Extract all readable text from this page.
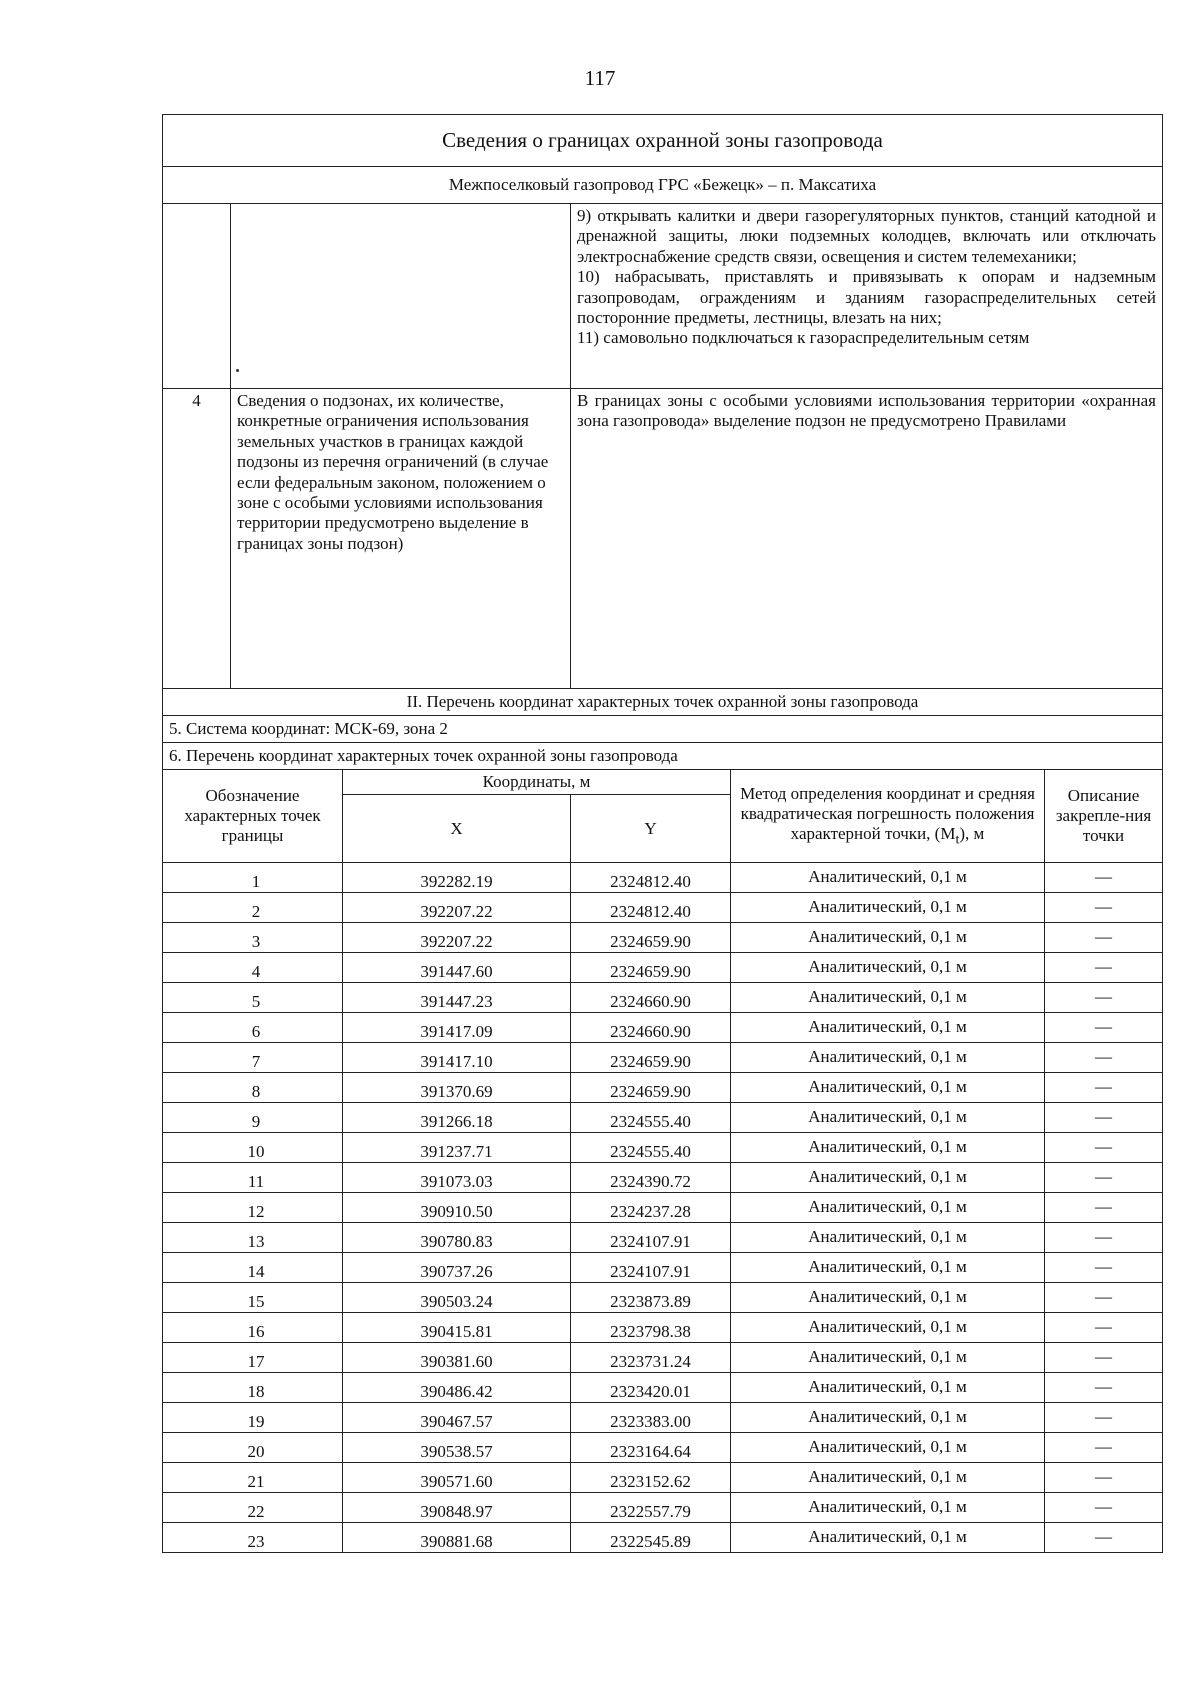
117
Сведения о границах охранной зоны газопровода					
Межпоселковый газопровод ГРС «Бежецк» – п. Максатиха					

			9) открывать калитки и двери газорегуляторных пунктов, станций катодной и дренажной защиты, люки подземных колодцев, включать или отключать электроснабжение средств связи, освещения и систем телемеханики;
10) набрасывать, приставлять и привязывать к опорам и надземным газопроводам, ограждениям и зданиям газораспределительных сетей посторонние предметы, лестницы, влезать на них;
11) самовольно подключаться к газораспределительным сетям		

4	Сведения о подзонах, их количестве, конкретные ограничения использования земельных участков в границах каждой подзоны из перечня ограничений (в случае если федеральным законом, положением о зоне с особыми условиями использования территории предусмотрено выделение в границах зоны подзон)		В границах зоны с особыми условиями использования территории «охранная зона газопровода» выделение подзон не предусмотрено Правилами		
II. Перечень координат характерных точек охранной зоны газопровода					
5. Система координат: МСК-69, зона 2					
6. Перечень координат характерных точек охранной зоны газопровода					
Обозначение характерных точек границы		Координаты, м		Метод определения координат и средняя квадратическая погрешность положения характерной точки, $(M_t)$, м	Описание закрепле-ния точки
		X	Y		
1		392282.19	2324812.40	Аналитический, 0,1 м	—
2		392207.22	2324812.40	Аналитический, 0,1 м	—
3		392207.22	2324659.90	Аналитический, 0,1 м	—
4		391447.60	2324659.90	Аналитический, 0,1 м	—
5		391447.23	2324660.90	Аналитический, 0,1 м	—
6		391417.09	2324660.90	Аналитический, 0,1 м	—
7		391417.10	2324659.90	Аналитический, 0,1 м	—
8		391370.69	2324659.90	Аналитический, 0,1 м	—
9		391266.18	2324555.40	Аналитический, 0,1 м	—
10		391237.71	2324555.40	Аналитический, 0,1 м	—
11		391073.03	2324390.72	Аналитический, 0,1 м	—
12		390910.50	2324237.28	Аналитический, 0,1 м	—
13		390780.83	2324107.91	Аналитический, 0,1 м	—
14		390737.26	2324107.91	Аналитический, 0,1 м	—
15		390503.24	2323873.89	Аналитический, 0,1 м	—
16		390415.81	2323798.38	Аналитический, 0,1 м	—
17		390381.60	2323731.24	Аналитический, 0,1 м	—
18		390486.42	2323420.01	Аналитический, 0,1 м	—
19		390467.57	2323383.00	Аналитический, 0,1 м	—
20		390538.57	2323164.64	Аналитический, 0,1 м	—
21		390571.60	2323152.62	Аналитический, 0,1 м	—
22		390848.97	2322557.79	Аналитический, 0,1 м	—
23		390881.68	2322545.89	Аналитический, 0,1 м	—
